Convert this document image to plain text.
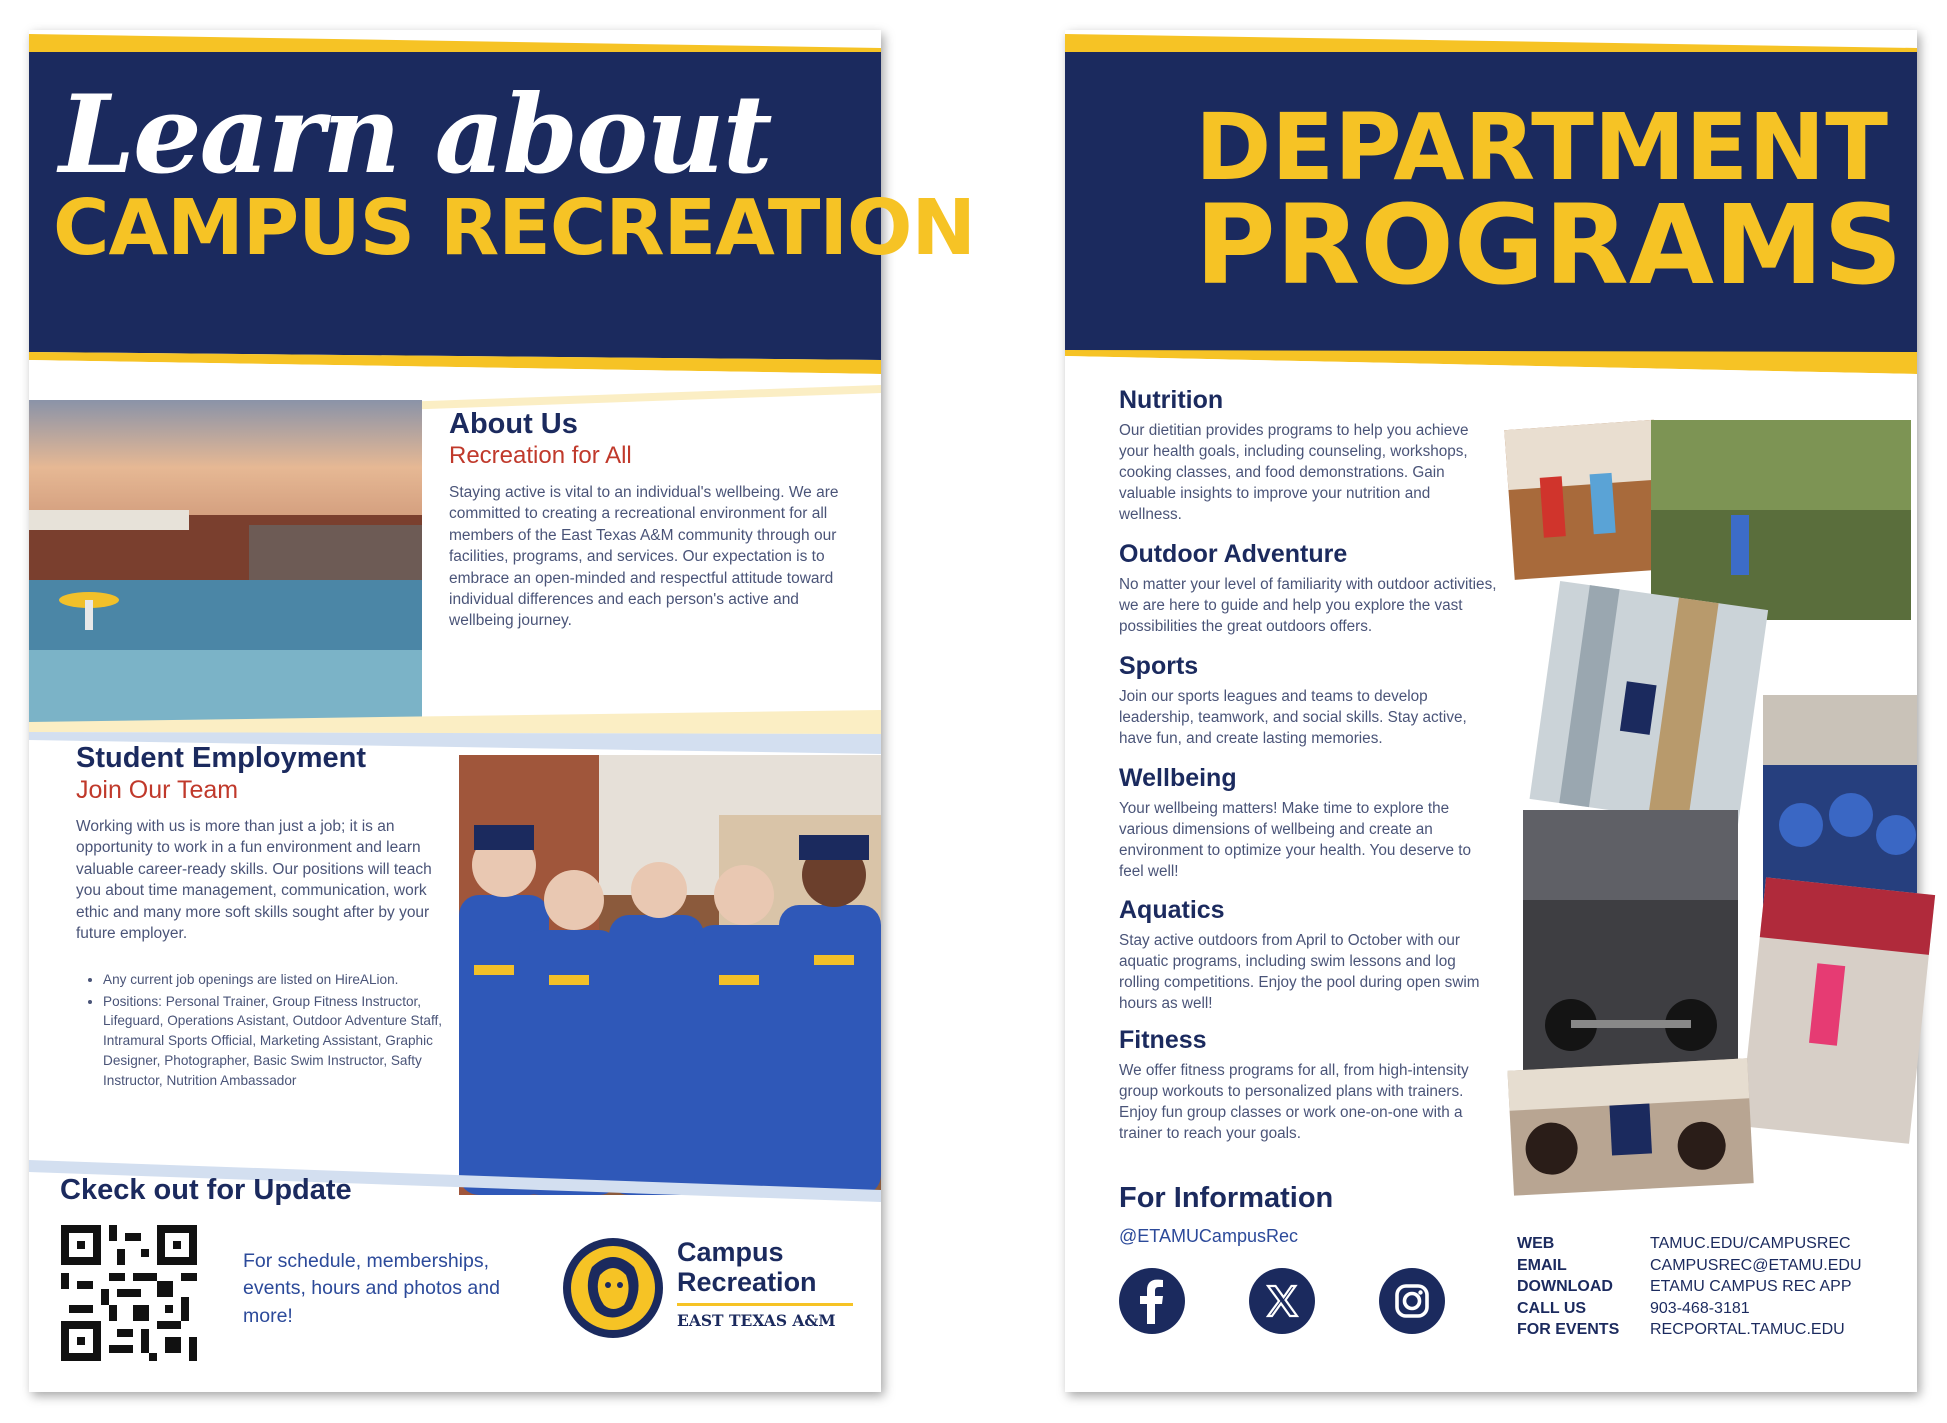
Learn about
CAMPUS RECREATION
About Us
Recreation for All
Staying active is vital to an individual's wellbeing. We are committed to creating a recreational environment for all members of the East Texas A&M community through our facilities, programs, and services. Our expectation is to embrace an open-minded and respectful attitude toward individual differences and each person's active and wellbeing journey.
Student Employment
Join Our Team
Working with us is more than just a job; it is an opportunity to work in a fun environment and learn valuable career-ready skills. Our positions will teach you about time management, communication, work ethic and many more soft skills sought after by your future employer.
• Any current job openings are listed on HireALion.
• Positions: Personal Trainer, Group Fitness Instructor, Lifeguard, Operations Asistant, Outdoor Adventure Staff, Intramural Sports Official, Marketing Assistant, Graphic Designer, Photographer, Basic Swim Instructor, Safty Instructor, Nutrition Ambassador
Ckeck out for Update
For schedule, memberships, events, hours and photos and more!
Campus
Recreation
EAST TEXAS A&M
DEPARTMENT
PROGRAMS
Nutrition
Our dietitian provides programs to help you achieve your health goals, including counseling, workshops, cooking classes, and food demonstrations. Gain valuable insights to improve your nutrition and wellness.
Outdoor Adventure
No matter your level of familiarity with outdoor activities, we are here to guide and help you explore the vast possibilities the great outdoors offers.
Sports
Join our sports leagues and teams to develop leadership, teamwork, and social skills. Stay active, have fun, and create lasting memories.
Wellbeing
Your wellbeing matters! Make time to explore the various dimensions of wellbeing and create an environment to optimize your health. You deserve to feel well!
Aquatics
Stay active outdoors from April to October with our aquatic programs, including swim lessons and log rolling competitions. Enjoy the pool during open swim hours as well!
Fitness
We offer fitness programs for all, from high-intensity group workouts to personalized plans with trainers. Enjoy fun group classes or work one-on-one with a trainer to reach your goals.
For Information
@ETAMUCampusRec	WEB
EMAIL
DOWNLOAD
CALL US
FOR EVENTS
TAMUC.EDU/CAMPUSREC
CAMPUSREC@ETAMU.EDU
ETAMU CAMPUS REC APP
903-468-3181
RECPORTAL.TAMUC.EDU
